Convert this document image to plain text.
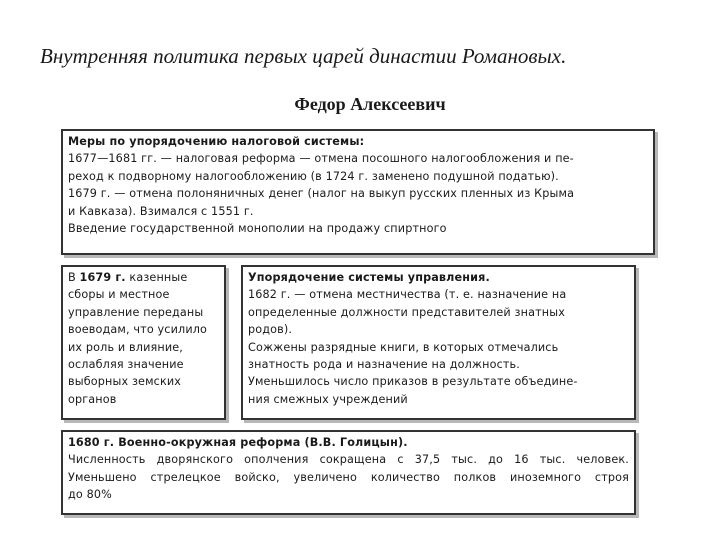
Внутренняя политика первых царей династии Романовых.
Федор Алексеевич
Меры по упорядочению налоговой системы:
1677—1681 гг. — налоговая реформа — отмена посошного налогообложения и пе-
реход к подворному налогообложению (в 1724 г. заменено подушной податью).
1679 г. — отмена полоняничных денег (налог на выкуп русских пленных из Крыма
и Кавказа). Взимался с 1551 г.
Введение государственной монополии на продажу спиртного
В 1679 г. казенные
сборы и местное
управление переданы
воеводам, что усилило
их роль и влияние,
ослабляя значение
выборных земских
органов
Упорядочение системы управления.
1682 г. — отмена местничества (т. е. назначение на
определенные должности представителей знатных
родов).
Сожжены разрядные книги, в которых отмечались
знатность рода и назначение на должность.
Уменьшилось число приказов в результате объедине-
ния смежных учреждений
1680 г. Военно-окружная реформа (В.В. Голицын).
Численность дворянского ополчения сокращена с 37,5 тыс. до 16 тыс. человек.
Уменьшено стрелецкое войско, увеличено количество полков иноземного строя
до 80%
